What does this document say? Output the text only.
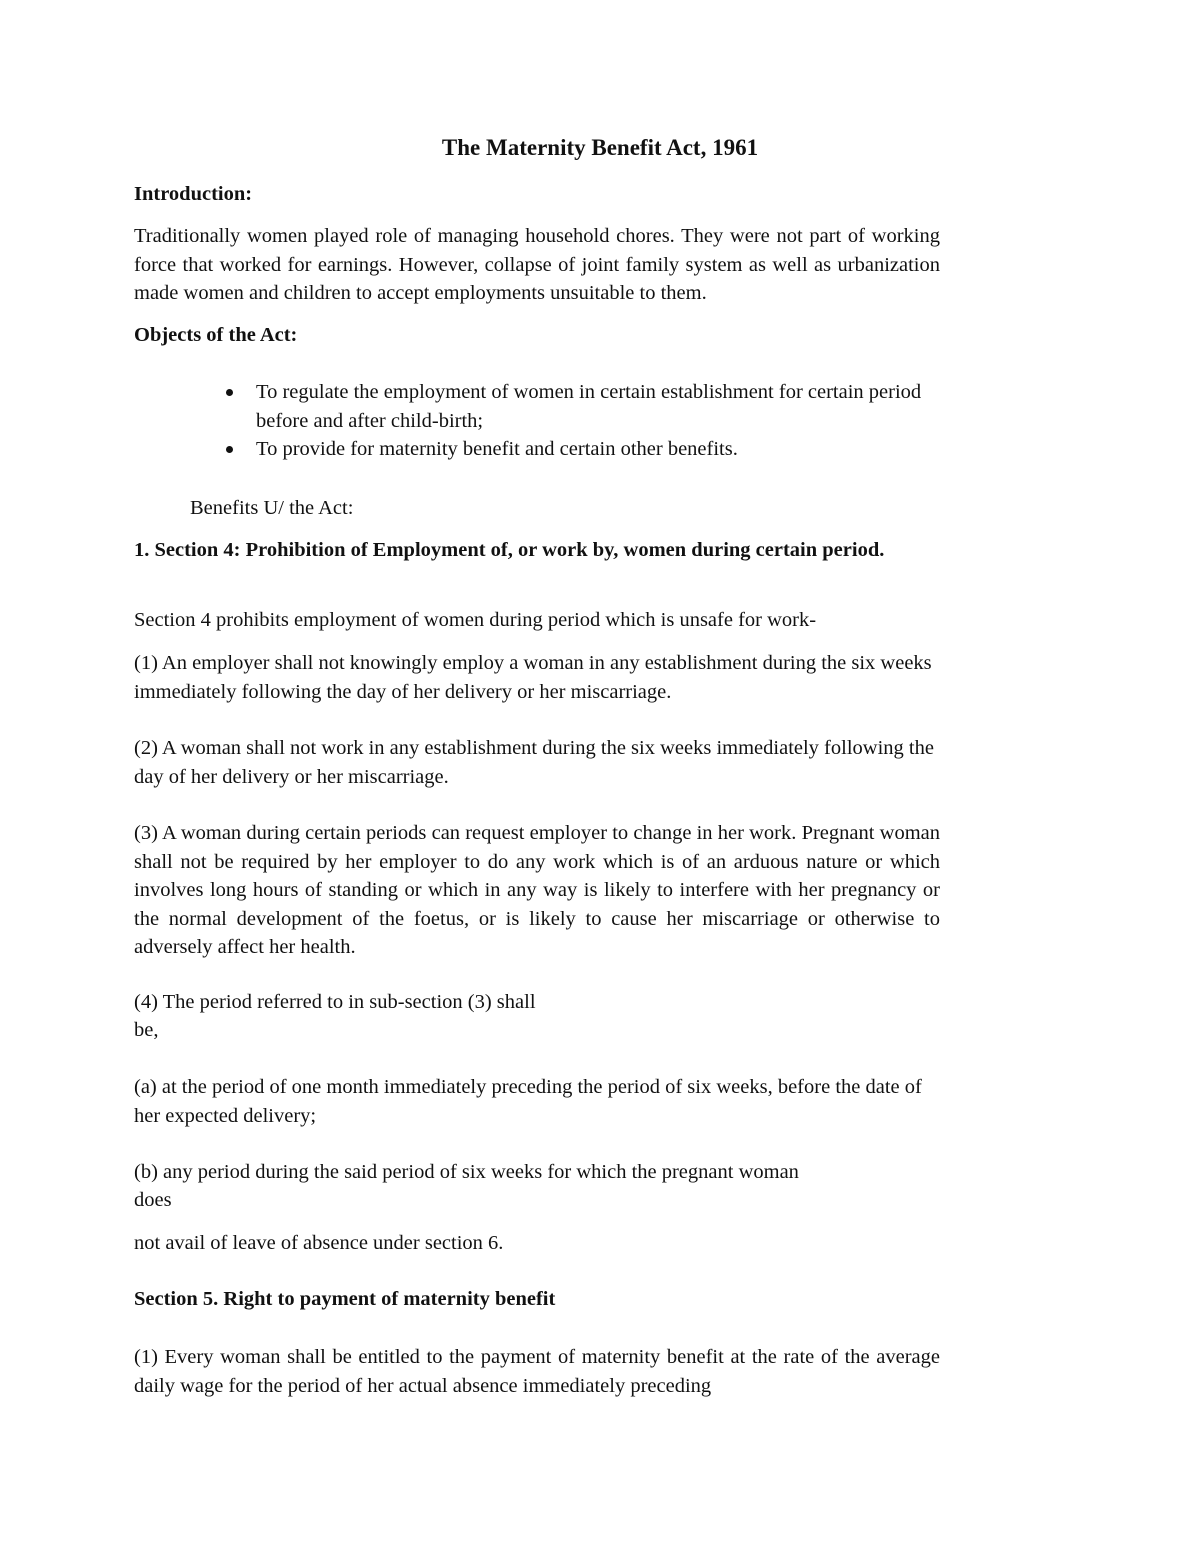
The Maternity Benefit Act, 1961

Introduction:

Traditionally women played role of managing household chores. They were not part of working force that worked for earnings. However, collapse of joint family system as well as urbanization made women and children to accept employments unsuitable to them.

Objects of the Act:

To regulate the employment of women in certain establishment for certain period before and after child-birth;
To provide for maternity benefit and certain other benefits.

Benefits U/ the Act:

1. Section 4: Prohibition of Employment of, or work by, women during certain period.

Section 4 prohibits employment of women during period which is unsafe for work-

(1) An employer shall not knowingly employ a woman in any establishment during the six weeks immediately following the day of her delivery or her miscarriage.

(2) A woman shall not work in any establishment during the six weeks immediately following the day of her delivery or her miscarriage.

(3) A woman during certain periods can request employer to change in her work. Pregnant woman shall not be required by her employer to do any work which is of an arduous nature or which involves long hours of standing or which in any way is likely to interfere with her pregnancy or the normal development of the foetus, or is likely to cause her miscarriage or otherwise to adversely affect her health.

(4) The period referred to in sub-section (3) shall

be,

(a) at the period of one month immediately preceding the period of six weeks, before the date of her expected delivery;

(b) any period during the said period of six weeks for which the pregnant woman

does

not avail of leave of absence under section 6.

Section 5. Right to payment of maternity benefit

(1) Every woman shall be entitled to the payment of maternity benefit at the rate of the average daily wage for the period of her actual absence immediately preceding
